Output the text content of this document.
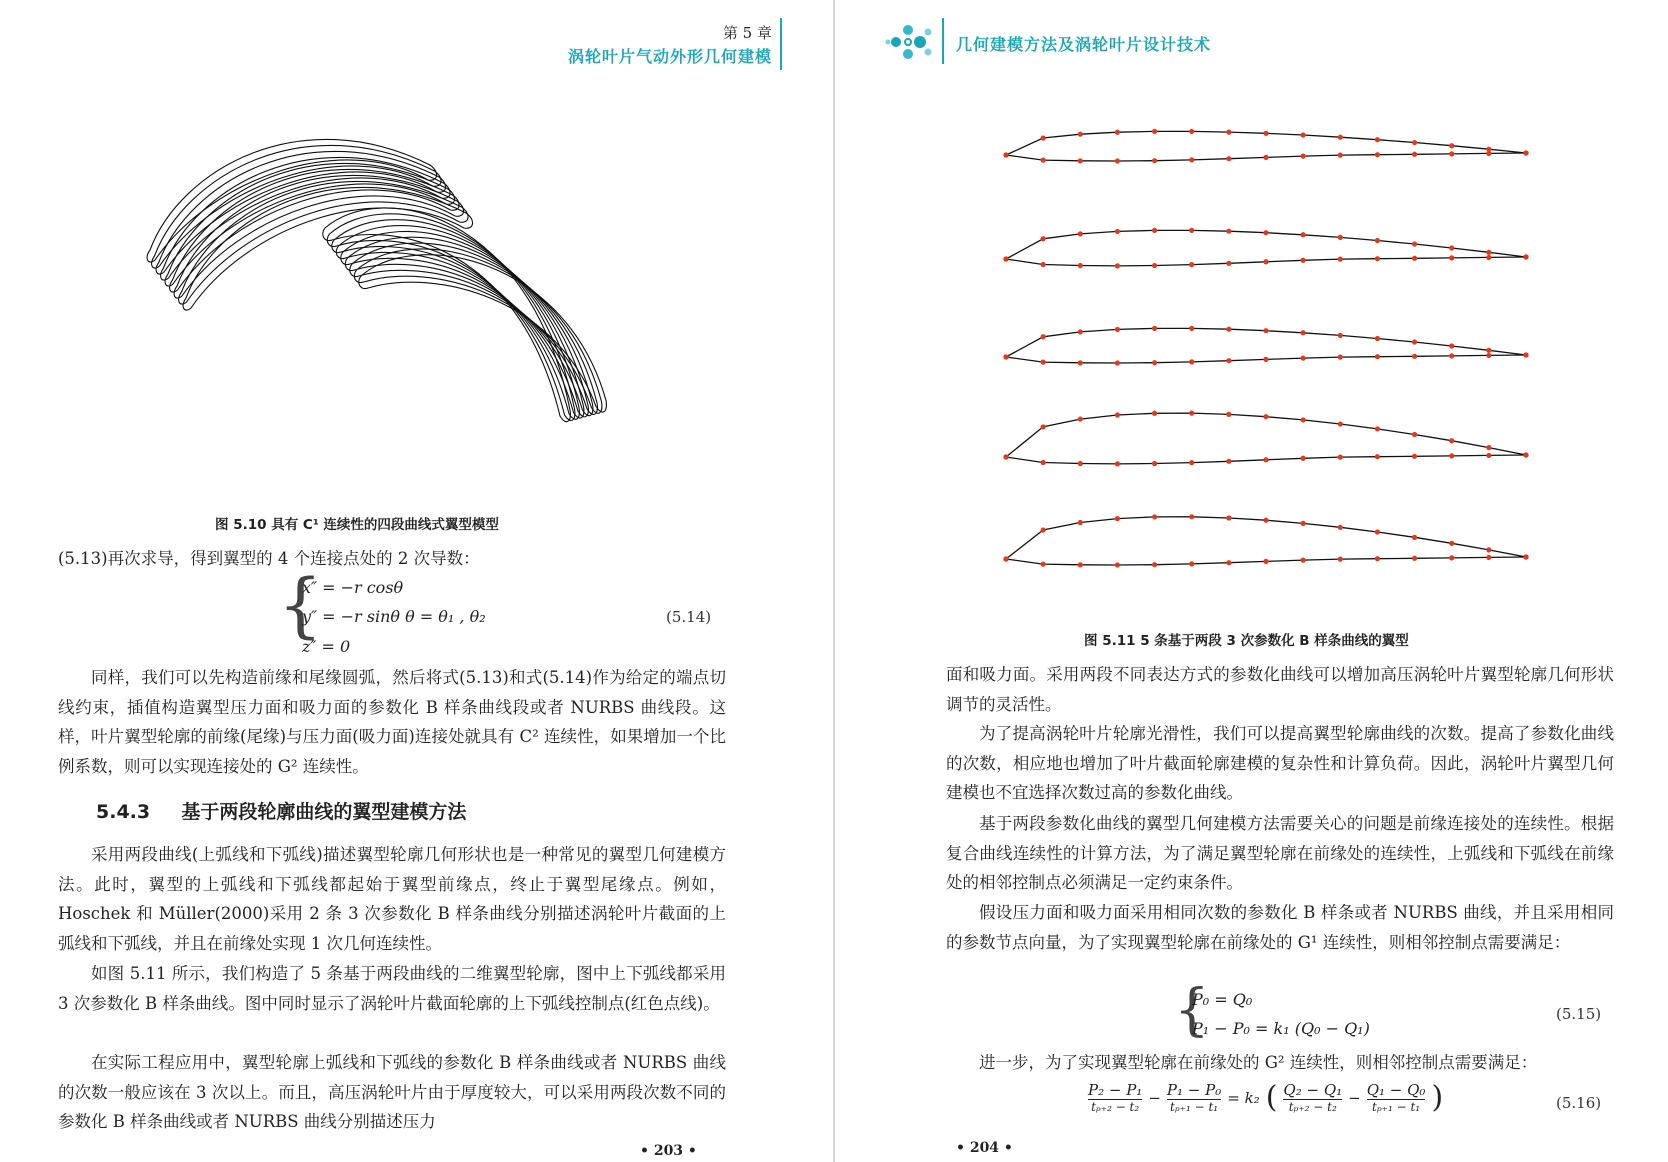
第 5 章
涡轮叶片气动外形几何建模
图 5.10 具有 C¹ 连续性的四段曲线式翼型模型
(5.13)再次求导，得到翼型的 4 个连接点处的 2 次导数：
{
x″ = −r cosθ
y″ = −r sinθ θ = θ₁ , θ₂
z″ = 0
(5.14)
同样，我们可以先构造前缘和尾缘圆弧，然后将式(5.13)和式(5.14)作为给定的端点切线约束，插值构造翼型压力面和吸力面的参数化 B 样条曲线段或者 NURBS 曲线段。这样，叶片翼型轮廓的前缘(尾缘)与压力面(吸力面)连接处就具有 C² 连续性，如果增加一个比例系数，则可以实现连接处的 G² 连续性。
5.4.3 基于两段轮廓曲线的翼型建模方法
采用两段曲线(上弧线和下弧线)描述翼型轮廓几何形状也是一种常见的翼型几何建模方法。此时，翼型的上弧线和下弧线都起始于翼型前缘点，终止于翼型尾缘点。例如，Hoschek 和 Müller(2000)采用 2 条 3 次参数化 B 样条曲线分别描述涡轮叶片截面的上弧线和下弧线，并且在前缘处实现 1 次几何连续性。
如图 5.11 所示，我们构造了 5 条基于两段曲线的二维翼型轮廓，图中上下弧线都采用 3 次参数化 B 样条曲线。图中同时显示了涡轮叶片截面轮廓的上下弧线控制点(红色点线)。
在实际工程应用中，翼型轮廓上弧线和下弧线的参数化 B 样条曲线或者 NURBS 曲线的次数一般应该在 3 次以上。而且，高压涡轮叶片由于厚度较大，可以采用两段次数不同的参数化 B 样条曲线或者 NURBS 曲线分别描述压力
• 203 •
几何建模方法及涡轮叶片设计技术
图 5.11 5 条基于两段 3 次参数化 B 样条曲线的翼型
面和吸力面。采用两段不同表达方式的参数化曲线可以增加高压涡轮叶片翼型轮廓几何形状调节的灵活性。
为了提高涡轮叶片轮廓光滑性，我们可以提高翼型轮廓曲线的次数。提高了参数化曲线的次数，相应地也增加了叶片截面轮廓建模的复杂性和计算负荷。因此，涡轮叶片翼型几何建模也不宜选择次数过高的参数化曲线。
基于两段参数化曲线的翼型几何建模方法需要关心的问题是前缘连接处的连续性。根据复合曲线连续性的计算方法，为了满足翼型轮廓在前缘处的连续性，上弧线和下弧线在前缘处的相邻控制点必须满足一定约束条件。
假设压力面和吸力面采用相同次数的参数化 B 样条或者 NURBS 曲线，并且采用相同的参数节点向量，为了实现翼型轮廓在前缘处的 G¹ 连续性，则相邻控制点需要满足：
{
P₀ = Q₀
P₁ − P₀ = k₁ (Q₀ − Q₁)
(5.15)
进一步，为了实现翼型轮廓在前缘处的 G² 连续性，则相邻控制点需要满足：
P₂ − P₁
tₚ₊₂ − t₂
− P₁ − P₀
tₚ₊₁ − t₁
= k₂ ( Q₂ − Q₁
tₚ₊₂ − t₂
− Q₁ − Q₀
tₚ₊₁ − t₁ )	(5.16)
• 204 •
